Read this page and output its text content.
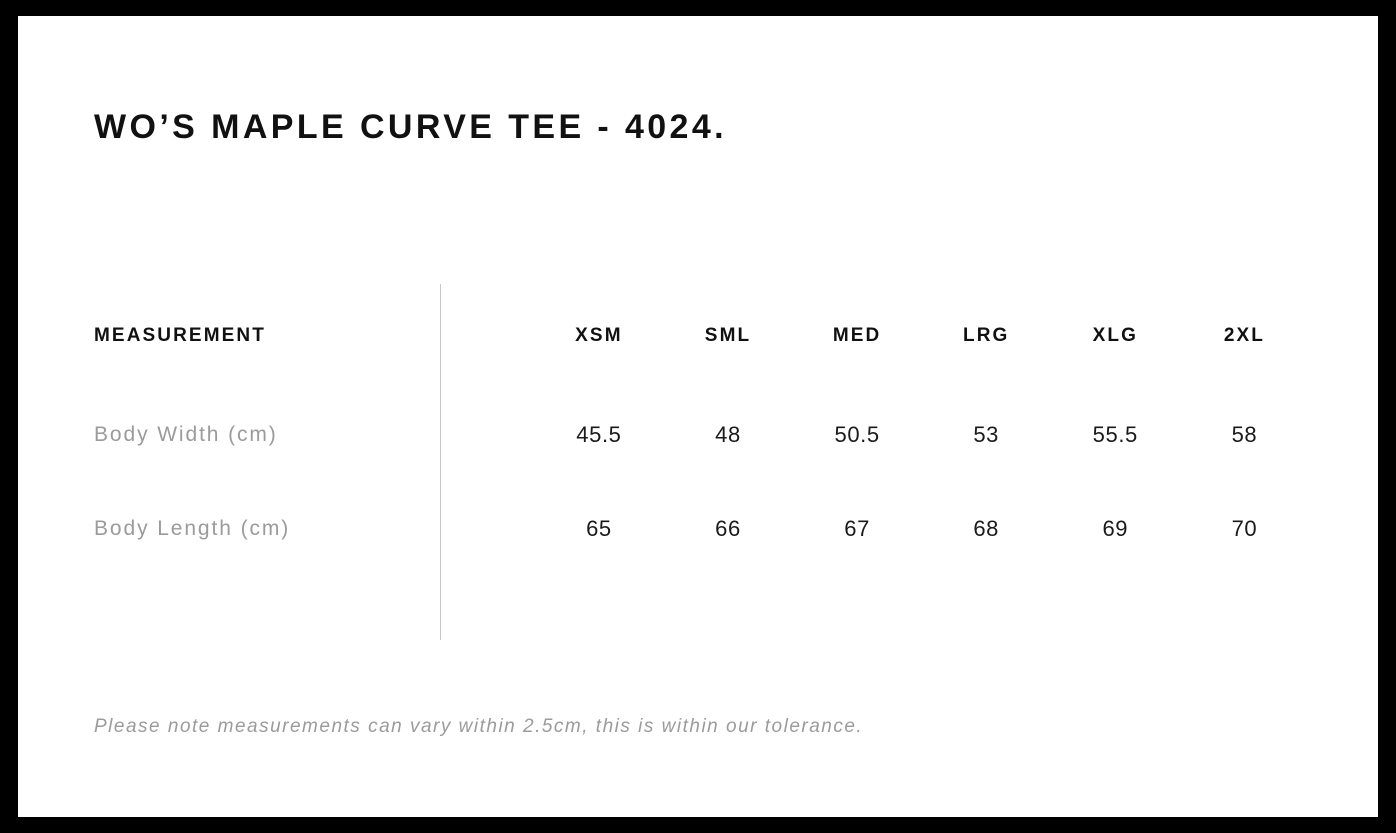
WO’S MAPLE CURVE TEE - 4024.
MEASUREMENT	XSM	SML	MED	LRG	XLG	2XL
Body Width (cm)	45.5	48	50.5	53	55.5	58
Body Length (cm)	65	66	67	68	69	70
Please note measurements can vary within 2.5cm, this is within our tolerance.
